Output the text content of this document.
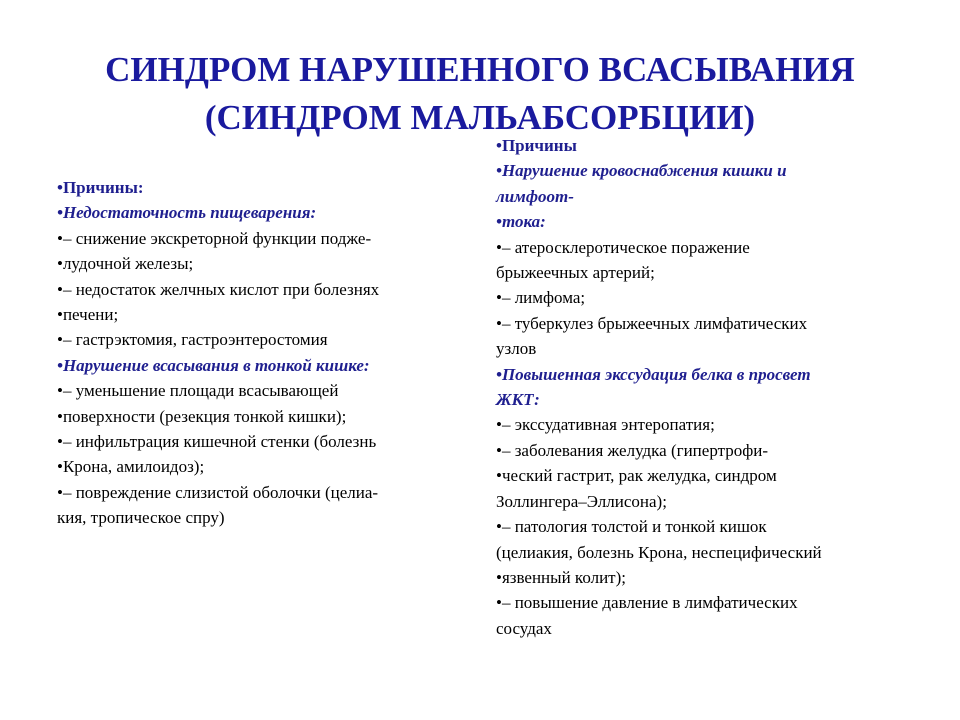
СИНДРОМ НАРУШЕННОГО ВСАСЫВАНИЯ
(СИНДРОМ МАЛЬАБСОРБЦИИ)

•Причины:

•Недостаточность пищеварения:

•– снижение экскреторной функции подже-

•лудочной железы;

•– недостаток желчных кислот при болезнях

•печени;

•– гастрэктомия, гастроэнтеростомия

•Нарушение всасывания в тонкой кишке:

•– уменьшение площади всасывающей

•поверхности (резекция тонкой кишки);

•– инфильтрация кишечной стенки (болезнь

•Крона, амилоидоз);

•– повреждение слизистой оболочки (целиа-

кия, тропическое спру)

•Причины

•Нарушение кровоснабжения кишки и

лимфоот-

•тока:

•– атеросклеротическое поражение

брыжеечных артерий;

•– лимфома;

•– туберкулез брыжеечных лимфатических

узлов

•Повышенная экссудация белка в просвет

ЖКТ:

•– экссудативная энтеропатия;

•– заболевания желудка (гипертрофи-

•ческий гастрит, рак желудка, синдром

Золлингера–Эллисона);

•– патология толстой и тонкой кишок

(целиакия, болезнь Крона, неспецифический

•язвенный колит);

•– повышение давление в лимфатических

сосудах
